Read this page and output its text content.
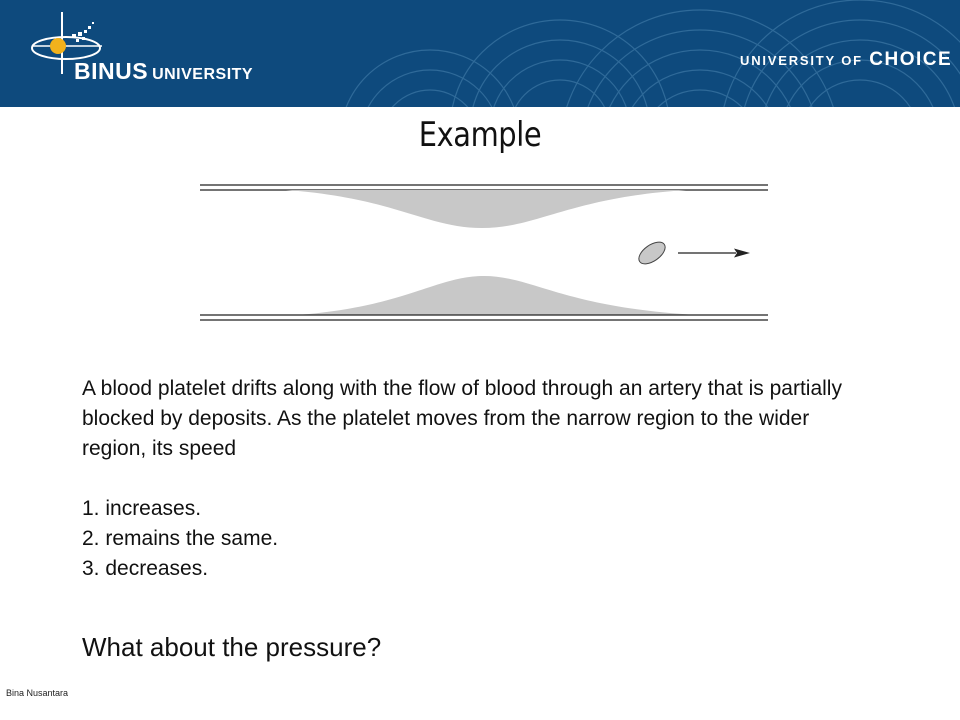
BINUS UNIVERSITY
UNIVERSITY OF CHOICE
Example

A blood platelet drifts along with the flow of blood through an artery that is partially blocked by deposits. As the platelet moves from the narrow region to the wider region, its speed

1. increases.
2. remains the same.
3. decreases.
What about the pressure?
Bina Nusantara
